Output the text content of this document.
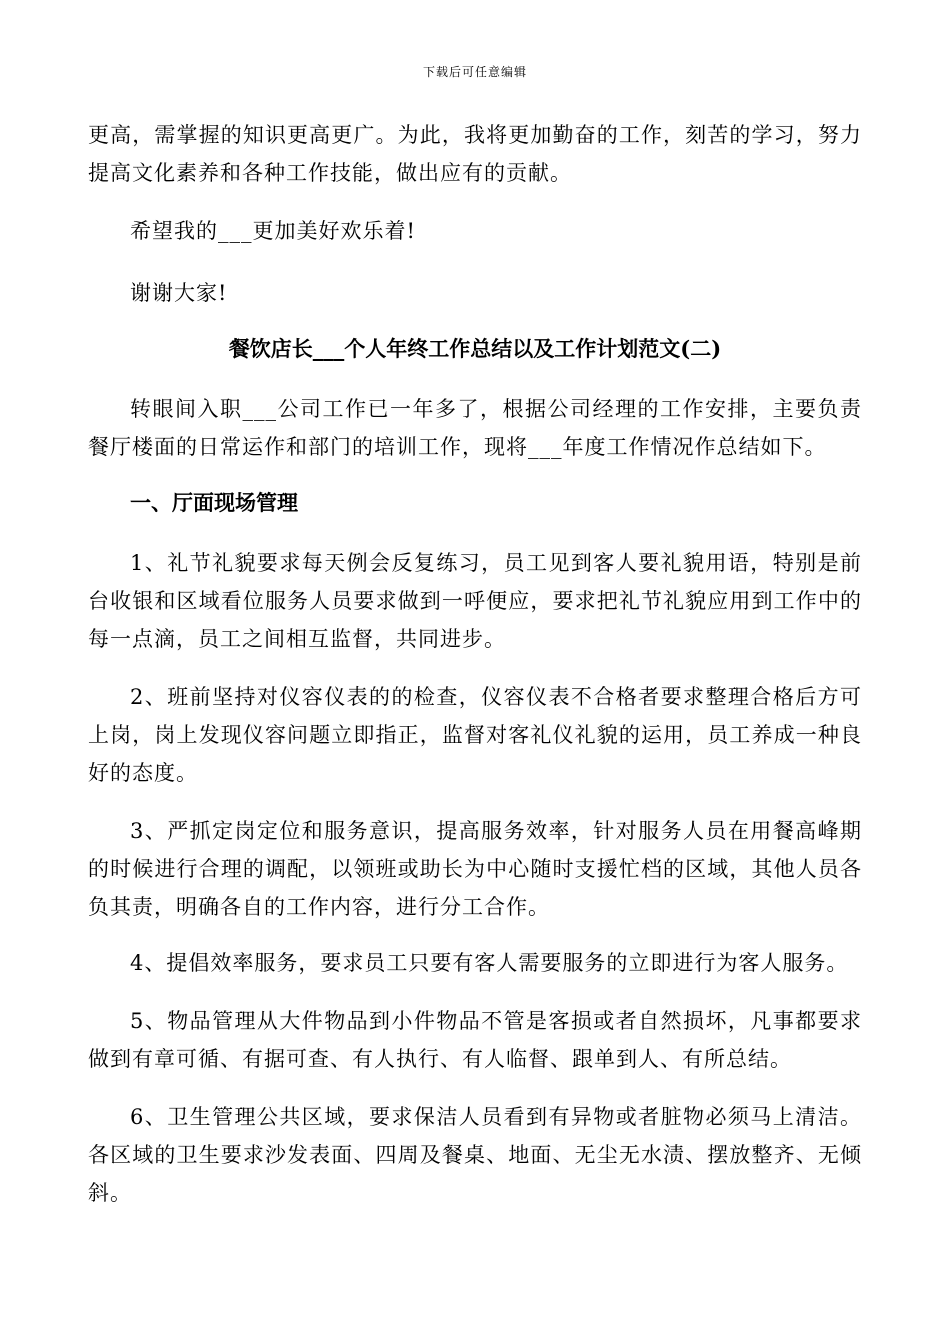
下载后可任意编辑

更高，需掌握的知识更高更广。为此，我将更加勤奋的工作，刻苦的学习，努力提高文化素养和各种工作技能，做出应有的贡献。

希望我的___更加美好欢乐着!

谢谢大家!

餐饮店长___个人年终工作总结以及工作计划范文(二)

转眼间入职___公司工作已一年多了，根据公司经理的工作安排，主要负责餐厅楼面的日常运作和部门的培训工作，现将___年度工作情况作总结如下。

一、厅面现场管理

1、礼节礼貌要求每天例会反复练习，员工见到客人要礼貌用语，特别是前台收银和区域看位服务人员要求做到一呼便应，要求把礼节礼貌应用到工作中的每一点滴，员工之间相互监督，共同进步。

2、班前坚持对仪容仪表的的检查，仪容仪表不合格者要求整理合格后方可上岗，岗上发现仪容问题立即指正，监督对客礼仪礼貌的运用，员工养成一种良好的态度。

3、严抓定岗定位和服务意识，提高服务效率，针对服务人员在用餐高峰期的时候进行合理的调配，以领班或助长为中心随时支援忙档的区域，其他人员各负其责，明确各自的工作内容，进行分工合作。

4、提倡效率服务，要求员工只要有客人需要服务的立即进行为客人服务。

5、物品管理从大件物品到小件物品不管是客损或者自然损坏，凡事都要求做到有章可循、有据可查、有人执行、有人临督、跟单到人、有所总结。

6、卫生管理公共区域，要求保洁人员看到有异物或者脏物必须马上清洁。各区域的卫生要求沙发表面、四周及餐桌、地面、无尘无水渍、摆放整齐、无倾斜。
